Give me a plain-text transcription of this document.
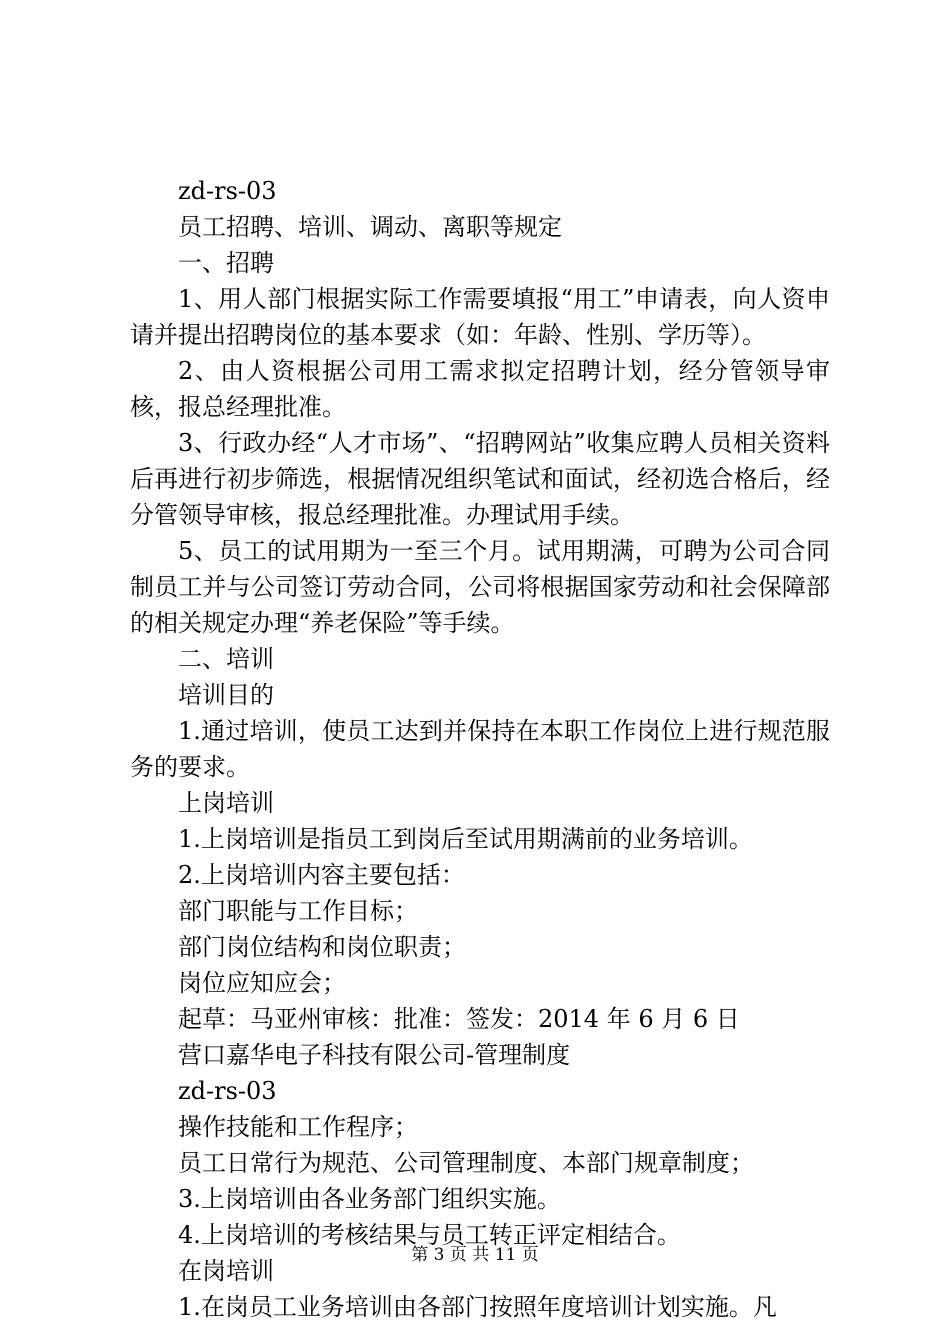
zd-rs-03
员工招聘、培训、调动、离职等规定
一、招聘
1、用人部门根据实际工作需要填报“用工”申请表，向人资申请并提出招聘岗位的基本要求（如：年龄、性别、学历等）。
2、由人资根据公司用工需求拟定招聘计划，经分管领导审核，报总经理批准。
3、行政办经“人才市场”、“招聘网站”收集应聘人员相关资料后再进行初步筛选，根据情况组织笔试和面试，经初选合格后，经分管领导审核，报总经理批准。办理试用手续。
5、员工的试用期为一至三个月。试用期满，可聘为公司合同制员工并与公司签订劳动合同，公司将根据国家劳动和社会保障部的相关规定办理“养老保险”等手续。
二、培训
培训目的
1.通过培训，使员工达到并保持在本职工作岗位上进行规范服务的要求。
上岗培训
1.上岗培训是指员工到岗后至试用期满前的业务培训。
2.上岗培训内容主要包括：
部门职能与工作目标；
部门岗位结构和岗位职责；
岗位应知应会；
起草：马亚州审核：批准：签发：2014 年 6 月 6 日
营口嘉华电子科技有限公司-管理制度
zd-rs-03
操作技能和工作程序；
员工日常行为规范、公司管理制度、本部门规章制度；
3.上岗培训由各业务部门组织实施。
4.上岗培训的考核结果与员工转正评定相结合。
在岗培训
1.在岗员工业务培训由各部门按照年度培训计划实施。凡
第 3 页 共 11 页
